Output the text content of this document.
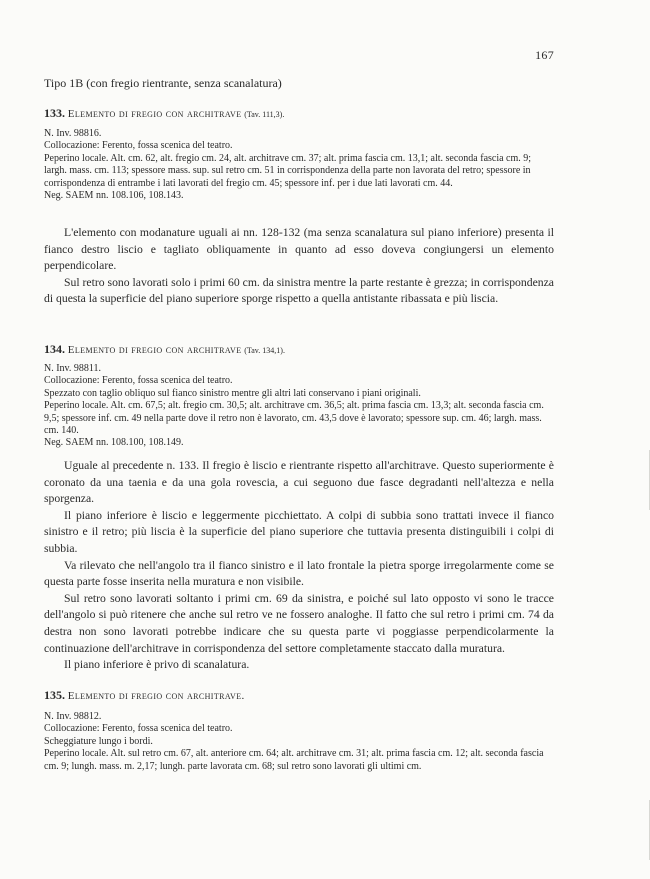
167
Tipo 1B (con fregio rientrante, senza scanalatura)
133. Elemento di fregio con architrave (Tav. 111,3).

N. Inv. 98816.

Collocazione: Ferento, fossa scenica del teatro.

Peperino locale. Alt. cm. 62, alt. fregio cm. 24, alt. architrave cm. 37; alt. prima fascia cm. 13,1; alt. seconda fascia cm. 9; largh. mass. cm. 113; spessore mass. sup. sul retro cm. 51 in corrispondenza della parte non lavorata del retro; spessore in corrispondenza di entrambe i lati lavorati del fregio cm. 45; spessore inf. per i due lati lavorati cm. 44.

Neg. SAEM nn. 108.106, 108.143.

L'elemento con modanature uguali ai nn. 128-132 (ma senza scanalatura sul piano inferiore) presenta il fianco destro liscio e tagliato obliquamente in quanto ad esso doveva congiungersi un elemento perpendicolare.

Sul retro sono lavorati solo i primi 60 cm. da sinistra mentre la parte restante è grezza; in corrispondenza di questa la superficie del piano superiore sporge rispetto a quella antistante ribassata e più liscia.

134. Elemento di fregio con architrave (Tav. 134,1).

N. Inv. 98811.

Collocazione: Ferento, fossa scenica del teatro.

Spezzato con taglio obliquo sul fianco sinistro mentre gli altri lati conservano i piani originali.

Peperino locale. Alt. cm. 67,5; alt. fregio cm. 30,5; alt. architrave cm. 36,5; alt. prima fascia cm. 13,3; alt. seconda fascia cm. 9,5; spessore inf. cm. 49 nella parte dove il retro non è lavorato, cm. 43,5 dove è lavorato; spessore sup. cm. 46; largh. mass. cm. 140.

Neg. SAEM nn. 108.100, 108.149.

Uguale al precedente n. 133. Il fregio è liscio e rientrante rispetto all'architrave. Questo superiormente è coronato da una taenia e da una gola rovescia, a cui seguono due fasce degradanti nell'altezza e nella sporgenza.

Il piano inferiore è liscio e leggermente picchiettato. A colpi di subbia sono trattati invece il fianco sinistro e il retro; più liscia è la superficie del piano superiore che tuttavia presenta distinguibili i colpi di subbia.

Va rilevato che nell'angolo tra il fianco sinistro e il lato frontale la pietra sporge irregolarmente come se questa parte fosse inserita nella muratura e non visibile.

Sul retro sono lavorati soltanto i primi cm. 69 da sinistra, e poiché sul lato opposto vi sono le tracce dell'angolo si può ritenere che anche sul retro ve ne fossero analoghe. Il fatto che sul retro i primi cm. 74 da destra non sono lavorati potrebbe indicare che su questa parte vi poggiasse perpendicolarmente la continuazione dell'architrave in corrispondenza del settore completamente staccato dalla muratura.

Il piano inferiore è privo di scanalatura.

135. Elemento di fregio con architrave.

N. Inv. 98812.

Collocazione: Ferento, fossa scenica del teatro.

Scheggiature lungo i bordi.

Peperino locale. Alt. sul retro cm. 67, alt. anteriore cm. 64; alt. architrave cm. 31; alt. prima fascia cm. 12; alt. seconda fascia cm. 9; lungh. mass. m. 2,17; lungh. parte lavorata cm. 68; sul retro sono lavorati gli ultimi cm.
